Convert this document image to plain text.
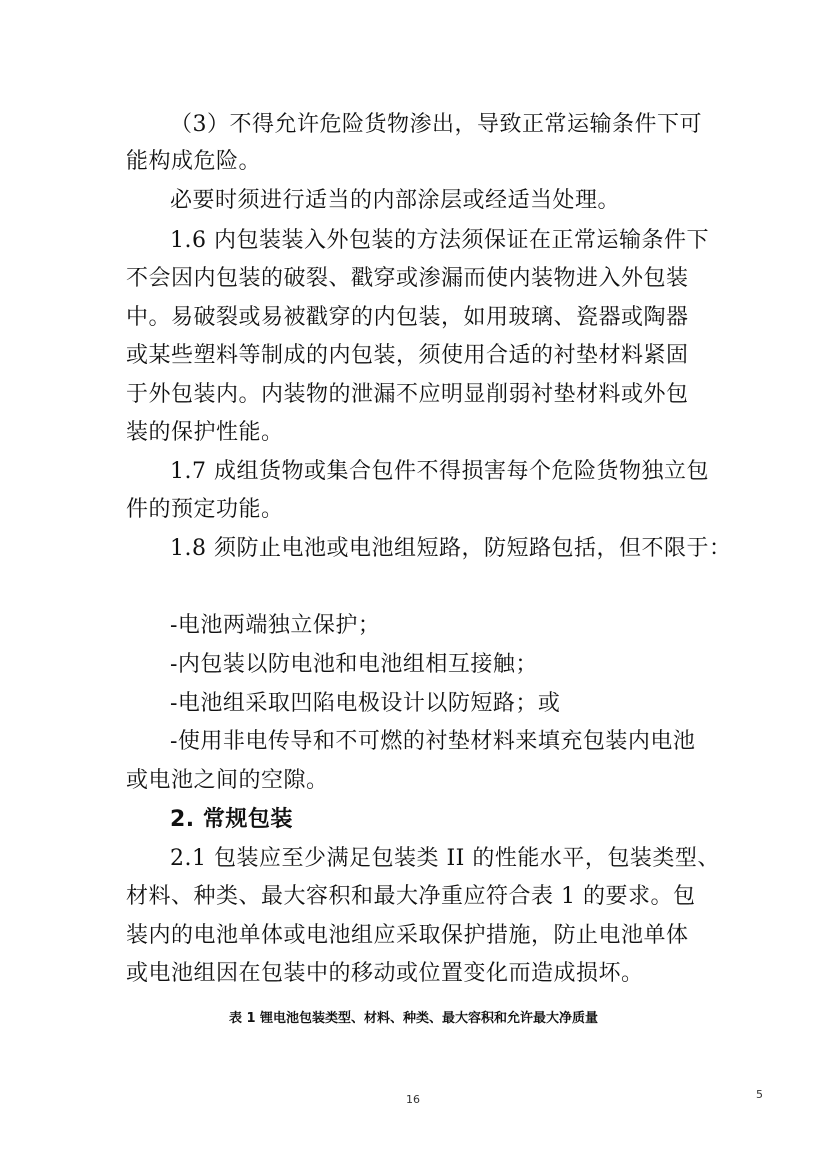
（3）不得允许危险货物渗出，导致正常运输条件下可
能构成危险。
必要时须进行适当的内部涂层或经适当处理。
1.6 内包装装入外包装的方法须保证在正常运输条件下
不会因内包装的破裂、戳穿或渗漏而使内装物进入外包装
中。易破裂或易被戳穿的内包装，如用玻璃、瓷器或陶器
或某些塑料等制成的内包装，须使用合适的衬垫材料紧固
于外包装内。内装物的泄漏不应明显削弱衬垫材料或外包
装的保护性能。
1.7 成组货物或集合包件不得损害每个危险货物独立包
件的预定功能。
1.8 须防止电池或电池组短路，防短路包括，但不限于：
-电池两端独立保护；
-内包装以防电池和电池组相互接触；
-电池组采取凹陷电极设计以防短路；或
-使用非电传导和不可燃的衬垫材料来填充包装内电池
或电池之间的空隙。
2. 常规包装
2.1 包装应至少满足包装类 II 的性能水平，包装类型、
材料、种类、最大容积和最大净重应符合表 1 的要求。包
装内的电池单体或电池组应采取保护措施，防止电池单体
或电池组因在包装中的移动或位置变化而造成损坏。
表 1 锂电池包装类型、材料、种类、最大容积和允许最大净质量
16	5
